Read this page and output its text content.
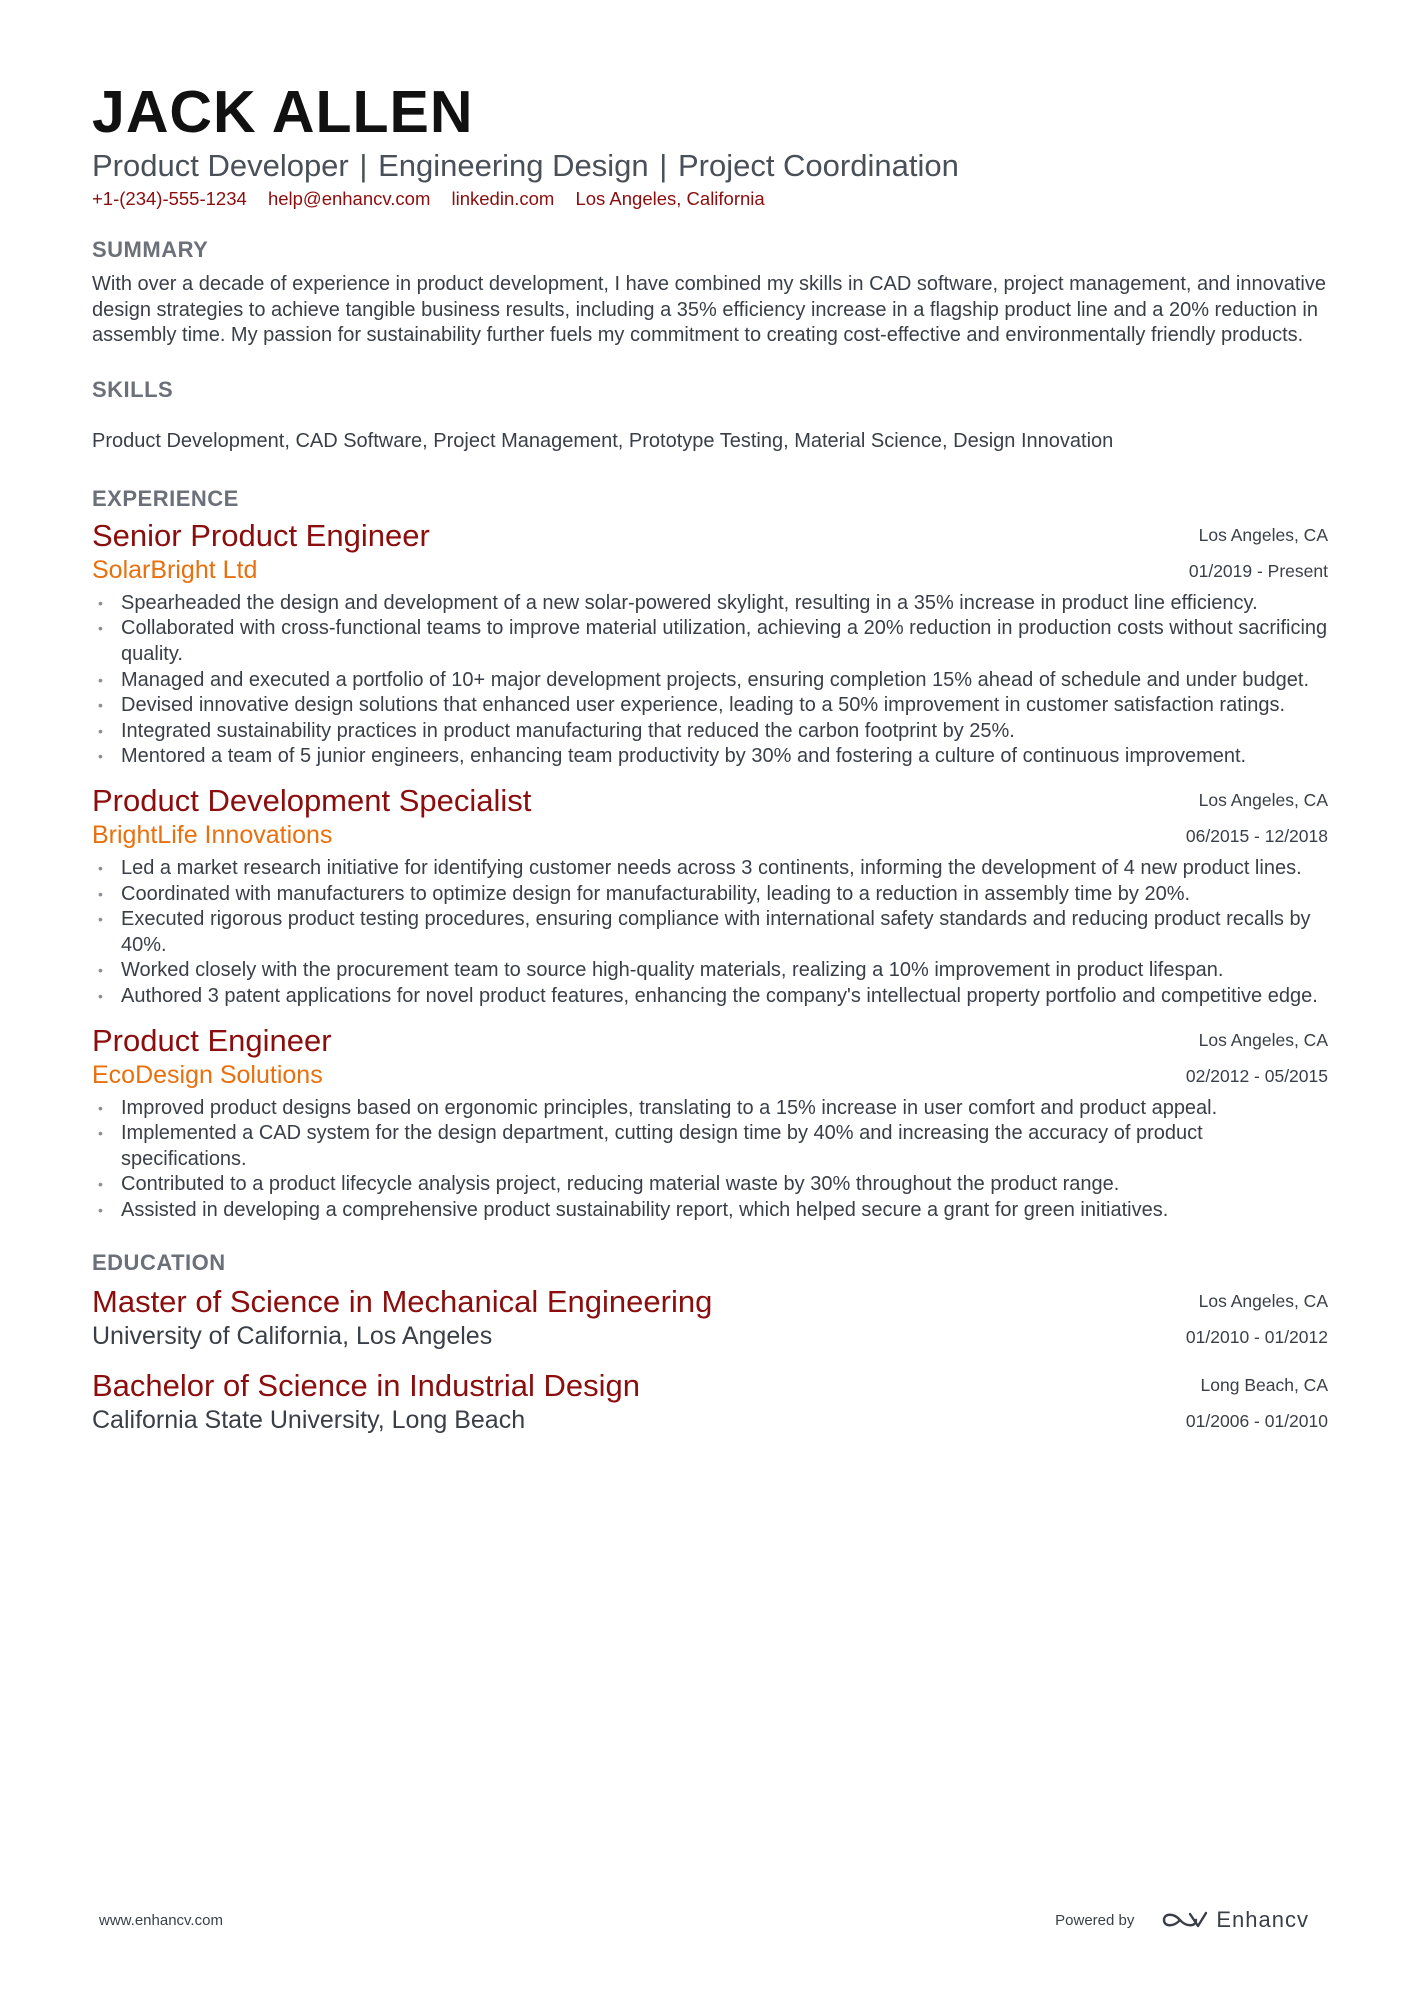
JACK ALLEN
Product Developer | Engineering Design | Project Coordination
+1-(234)-555-1234 help@enhancv.com linkedin.com Los Angeles, California
SUMMARY
With over a decade of experience in product development, I have combined my skills in CAD software, project management, and innovative design strategies to achieve tangible business results, including a 35% efficiency increase in a flagship product line and a 20% reduction in assembly time. My passion for sustainability further fuels my commitment to creating cost-effective and environmentally friendly products.
SKILLS
Product Development, CAD Software, Project Management, Prototype Testing, Material Science, Design Innovation
EXPERIENCE
Senior Product Engineer
SolarBright Ltd
Los Angeles, CA
01/2019 - Present
• Spearheaded the design and development of a new solar-powered skylight, resulting in a 35% increase in product line efficiency.
• Collaborated with cross-functional teams to improve material utilization, achieving a 20% reduction in production costs without sacrificing quality.
• Managed and executed a portfolio of 10+ major development projects, ensuring completion 15% ahead of schedule and under budget.
• Devised innovative design solutions that enhanced user experience, leading to a 50% improvement in customer satisfaction ratings.
• Integrated sustainability practices in product manufacturing that reduced the carbon footprint by 25%.
• Mentored a team of 5 junior engineers, enhancing team productivity by 30% and fostering a culture of continuous improvement.
Product Development Specialist
BrightLife Innovations
Los Angeles, CA
06/2015 - 12/2018
• Led a market research initiative for identifying customer needs across 3 continents, informing the development of 4 new product lines.
• Coordinated with manufacturers to optimize design for manufacturability, leading to a reduction in assembly time by 20%.
• Executed rigorous product testing procedures, ensuring compliance with international safety standards and reducing product recalls by 40%.
• Worked closely with the procurement team to source high-quality materials, realizing a 10% improvement in product lifespan.
• Authored 3 patent applications for novel product features, enhancing the company's intellectual property portfolio and competitive edge.
Product Engineer
EcoDesign Solutions
Los Angeles, CA
02/2012 - 05/2015
• Improved product designs based on ergonomic principles, translating to a 15% increase in user comfort and product appeal.
• Implemented a CAD system for the design department, cutting design time by 40% and increasing the accuracy of product specifications.
• Contributed to a product lifecycle analysis project, reducing material waste by 30% throughout the product range.
• Assisted in developing a comprehensive product sustainability report, which helped secure a grant for green initiatives.
EDUCATION
Master of Science in Mechanical Engineering
University of California, Los Angeles
Los Angeles, CA
01/2010 - 01/2012
Bachelor of Science in Industrial Design
California State University, Long Beach
Long Beach, CA
01/2006 - 01/2010
www.enhancv.com	Powered by	Enhancv
